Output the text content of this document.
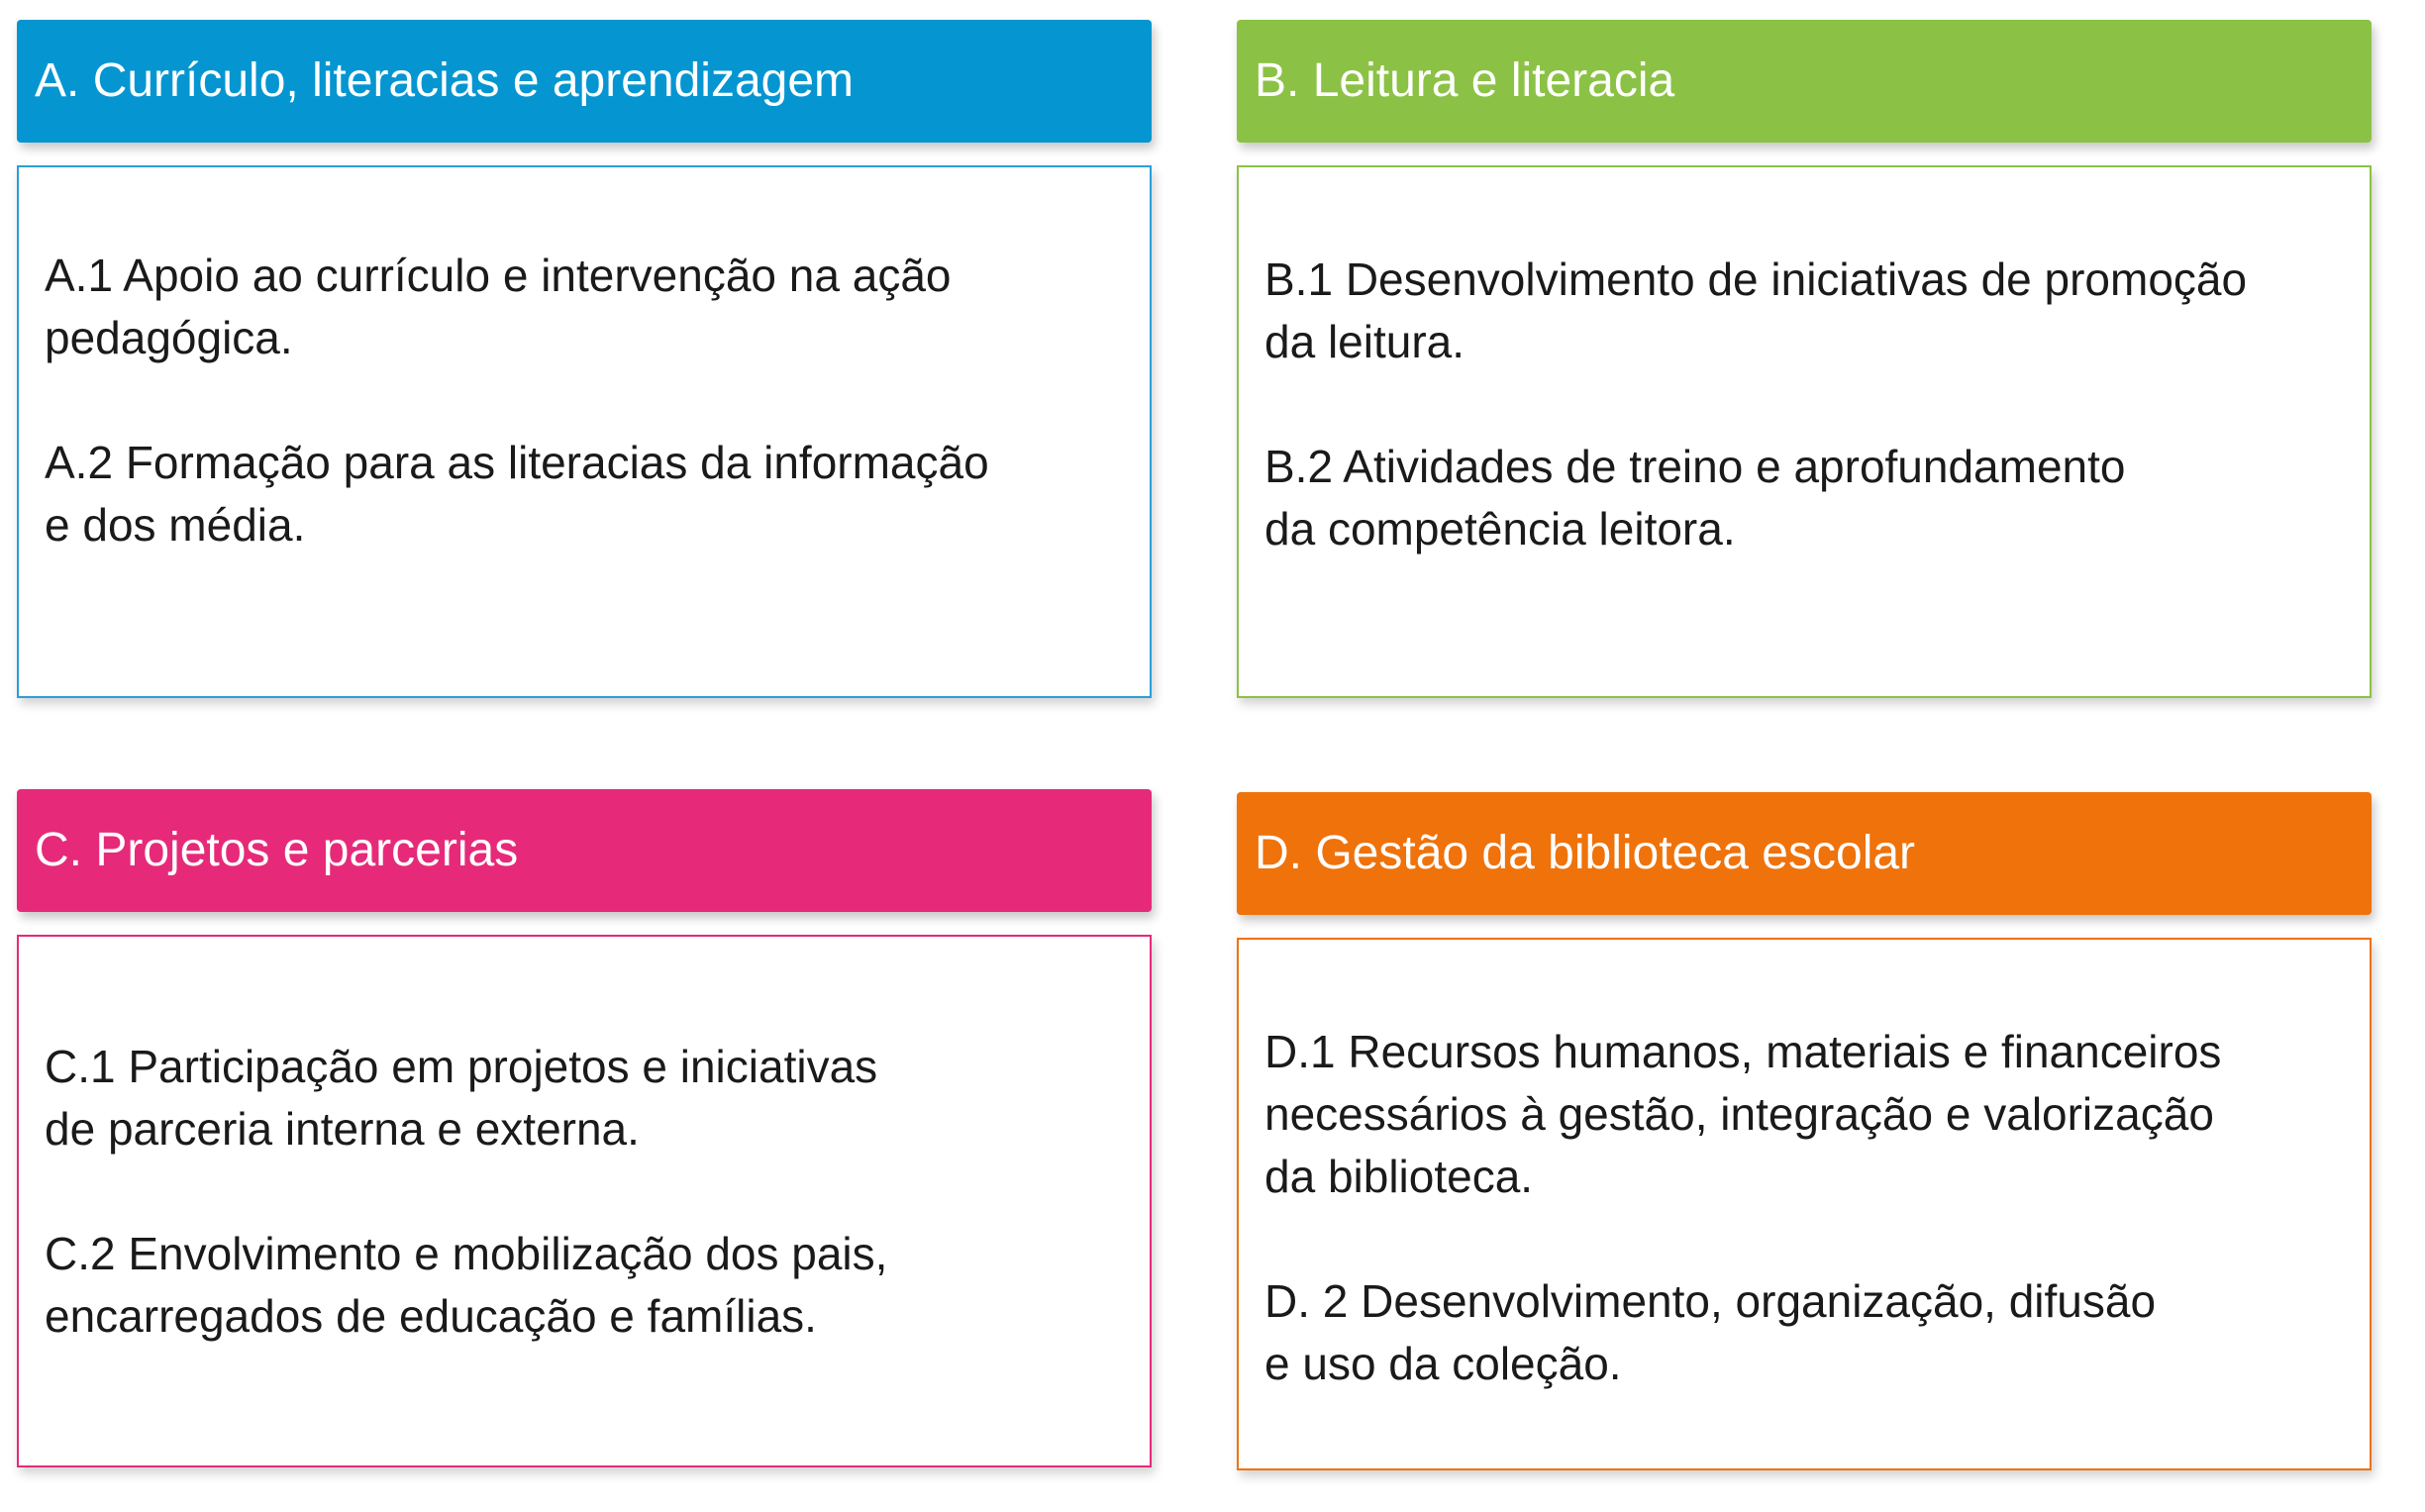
A. Currículo, literacias e aprendizagem

A.1 Apoio ao currículo e intervenção na ação
pedagógica.

A.2 Formação para as literacias da informação
e dos média.

B. Leitura e literacia

B.1 Desenvolvimento de iniciativas de promoção
da leitura.

B.2 Atividades de treino e aprofundamento
da competência leitora.

C. Projetos e parcerias

C.1 Participação em projetos e iniciativas
de parceria interna e externa.

C.2 Envolvimento e mobilização dos pais,
encarregados de educação e famílias.

D. Gestão da biblioteca escolar

D.1 Recursos humanos, materiais e financeiros
necessários à gestão, integração e valorização
da biblioteca.

D. 2 Desenvolvimento, organização, difusão
e uso da coleção.
